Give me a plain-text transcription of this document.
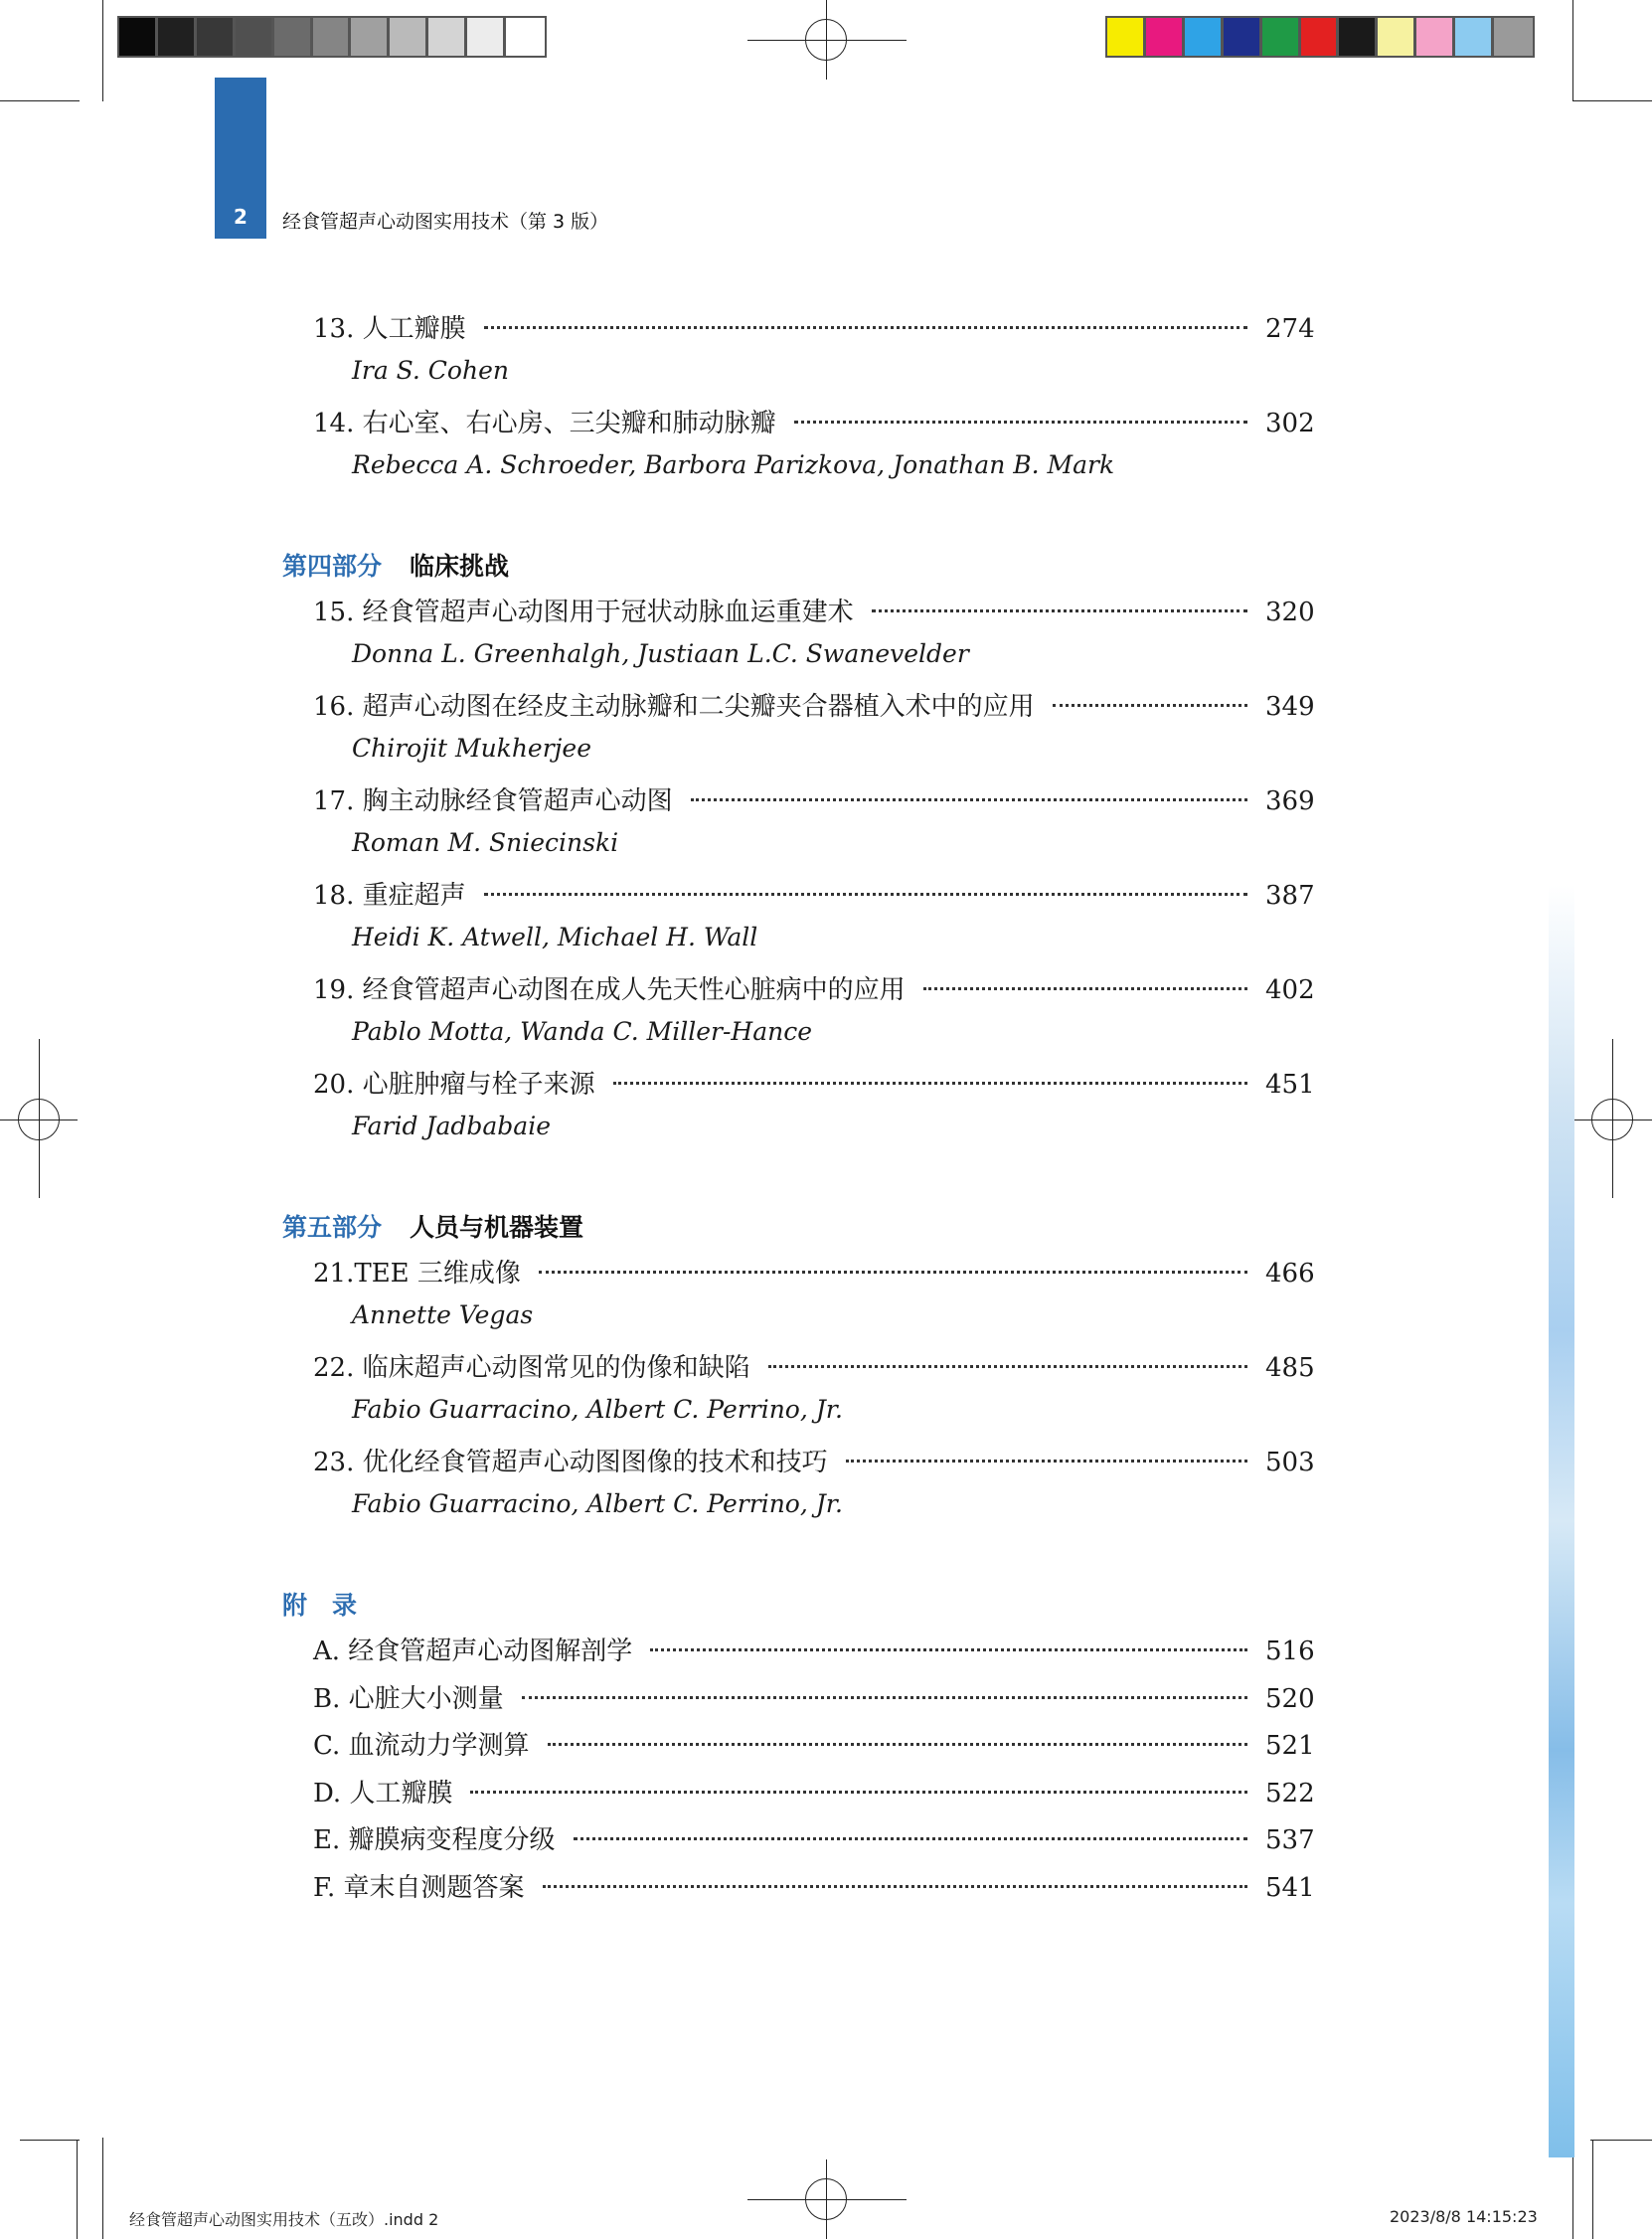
2	经食管超声心动图实用技术（第 3 版）
13. 人工瓣膜	274
Ira S. Cohen
14. 右心室、右心房、三尖瓣和肺动脉瓣	302
Rebecca A. Schroeder, Barbora Parizkova, Jonathan B. Mark
第四部分 临床挑战
15. 经食管超声心动图用于冠状动脉血运重建术	320
Donna L. Greenhalgh, Justiaan L.C. Swanevelder
16. 超声心动图在经皮主动脉瓣和二尖瓣夹合器植入术中的应用	349
Chirojit Mukherjee
17. 胸主动脉经食管超声心动图	369
Roman M. Sniecinski
18. 重症超声	387
Heidi K. Atwell, Michael H. Wall
19. 经食管超声心动图在成人先天性心脏病中的应用	402
Pablo Motta, Wanda C. Miller-Hance
20. 心脏肿瘤与栓子来源	451
Farid Jadbabaie
第五部分 人员与机器装置
21.TEE 三维成像	466
Annette Vegas
22. 临床超声心动图常见的伪像和缺陷	485
Fabio Guarracino, Albert C. Perrino, Jr.
23. 优化经食管超声心动图图像的技术和技巧	503
Fabio Guarracino, Albert C. Perrino, Jr.
附　录
A. 经食管超声心动图解剖学	516
B. 心脏大小测量	520
C. 血流动力学测算	521
D. 人工瓣膜	522
E. 瓣膜病变程度分级	537
F. 章末自测题答案	541
经食管超声心动图实用技术（五改）.indd 2	2023/8/8 14:15:23
